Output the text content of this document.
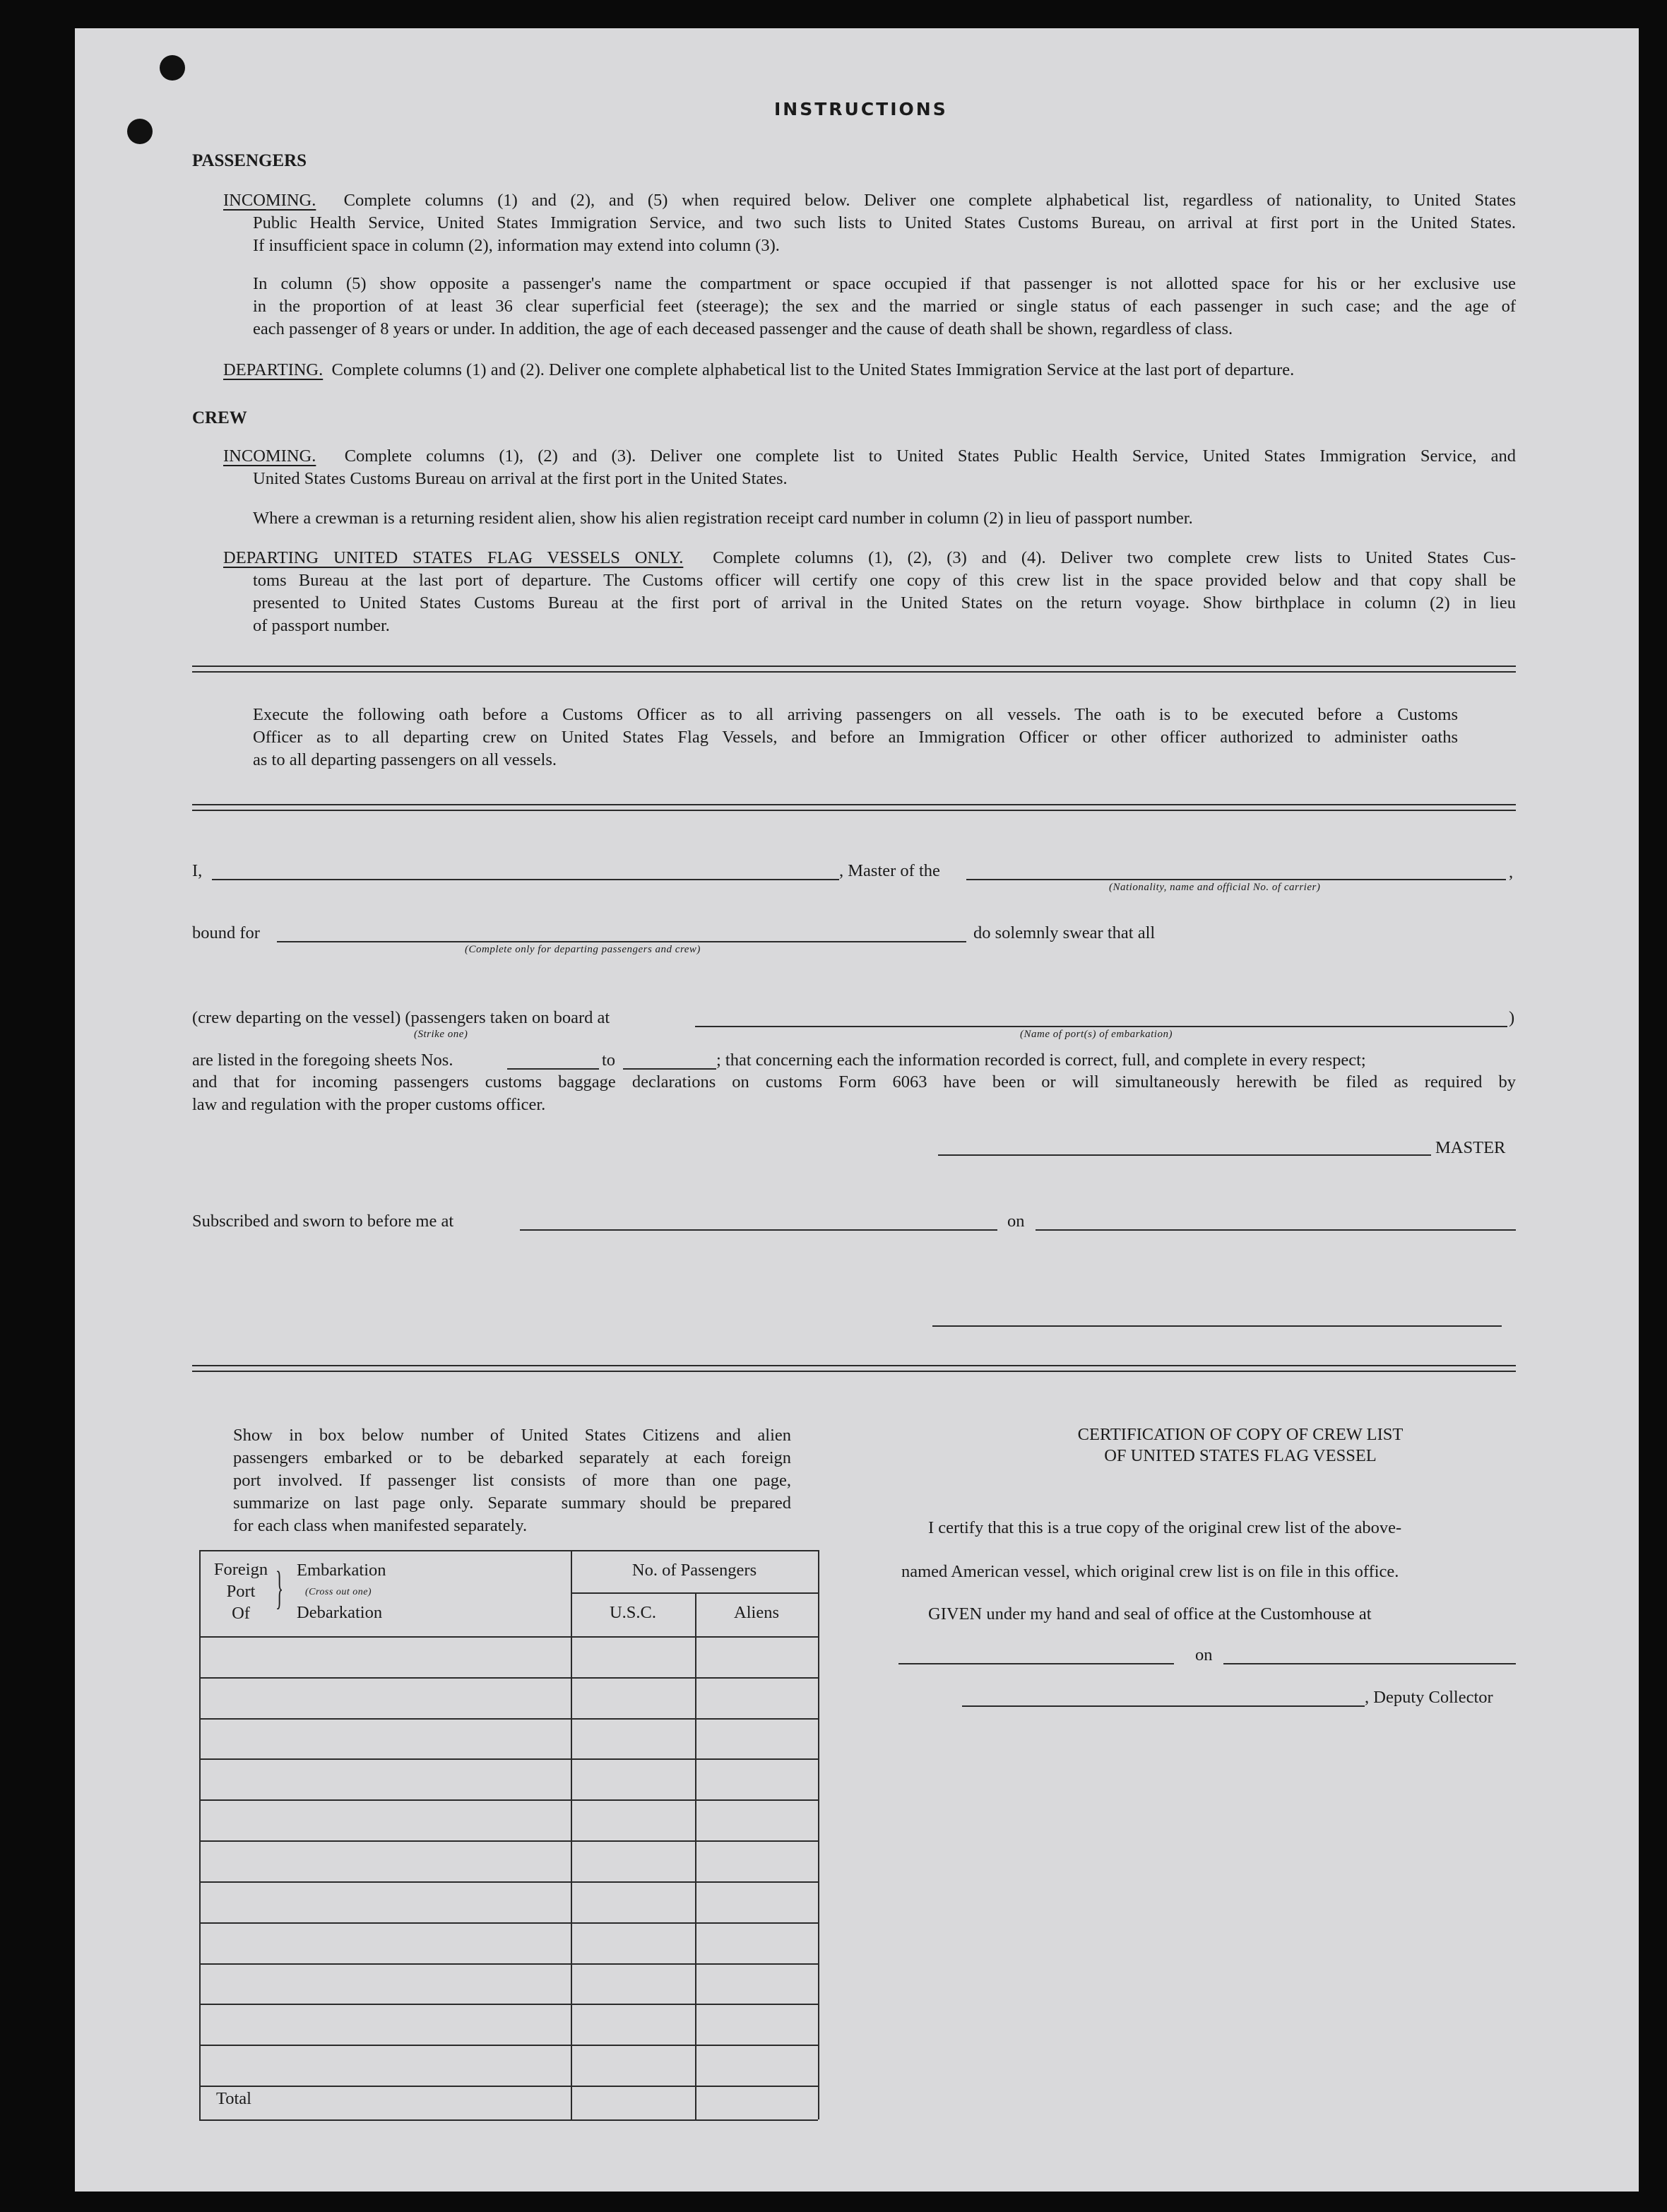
INSTRUCTIONS
PASSENGERS
INCOMING. Complete columns (1) and (2), and (5) when required below. Deliver one complete alphabetical list, regardless of nationality, to United States
Public Health Service, United States Immigration Service, and two such lists to United States Customs Bureau, on arrival at first port in the United States.
If insufficient space in column (2), information may extend into column (3).
In column (5) show opposite a passenger's name the compartment or space occupied if that passenger is not allotted space for his or her exclusive use
in the proportion of at least 36 clear superficial feet (steerage); the sex and the married or single status of each passenger in such case; and the age of
each passenger of 8 years or under. In addition, the age of each deceased passenger and the cause of death shall be shown, regardless of class.
DEPARTING. Complete columns (1) and (2). Deliver one complete alphabetical list to the United States Immigration Service at the last port of departure.
CREW
INCOMING. Complete columns (1), (2) and (3). Deliver one complete list to United States Public Health Service, United States Immigration Service, and
United States Customs Bureau on arrival at the first port in the United States.
Where a crewman is a returning resident alien, show his alien registration receipt card number in column (2) in lieu of passport number.
DEPARTING UNITED STATES FLAG VESSELS ONLY. Complete columns (1), (2), (3) and (4). Deliver two complete crew lists to United States Cus-
toms Bureau at the last port of departure. The Customs officer will certify one copy of this crew list in the space provided below and that copy shall be
presented to United States Customs Bureau at the first port of arrival in the United States on the return voyage. Show birthplace in column (2) in lieu
of passport number.
Execute the following oath before a Customs Officer as to all arriving passengers on all vessels. The oath is to be executed before a Customs
Officer as to all departing crew on United States Flag Vessels, and before an Immigration Officer or other officer authorized to administer oaths
as to all departing passengers on all vessels.
I,	, Master of the	,
(Nationality, name and official No. of carrier)
bound for
(Complete only for departing passengers and crew)
do solemnly swear that all
(crew departing on the vessel) (passengers taken on board at	)
(Strike one)	(Name of port(s) of embarkation)
are listed in the foregoing sheets Nos.	to	; that concerning each the information recorded is correct, full, and complete in every respect;
and that for incoming passengers customs baggage declarations on customs Form 6063 have been or will simultaneously herewith be filed as required by
law and regulation with the proper customs officer.
MASTER
Subscribed and sworn to before me at	on
Show in box below number of United States Citizens and alien
passengers embarked or to be debarked separately at each foreign
port involved. If passenger list consists of more than one page,
summarize on last page only. Separate summary should be prepared
for each class when manifested separately.
Foreign
Port
Of } Embarkation
(Cross out one)
Debarkation
No. of Passengers
U.S.C.	Aliens
Total
CERTIFICATION OF COPY OF CREW LIST
OF UNITED STATES FLAG VESSEL
I certify that this is a true copy of the original crew list of the above-
named American vessel, which original crew list is on file in this office.
GIVEN under my hand and seal of office at the Customhouse at
on
, Deputy Collector
